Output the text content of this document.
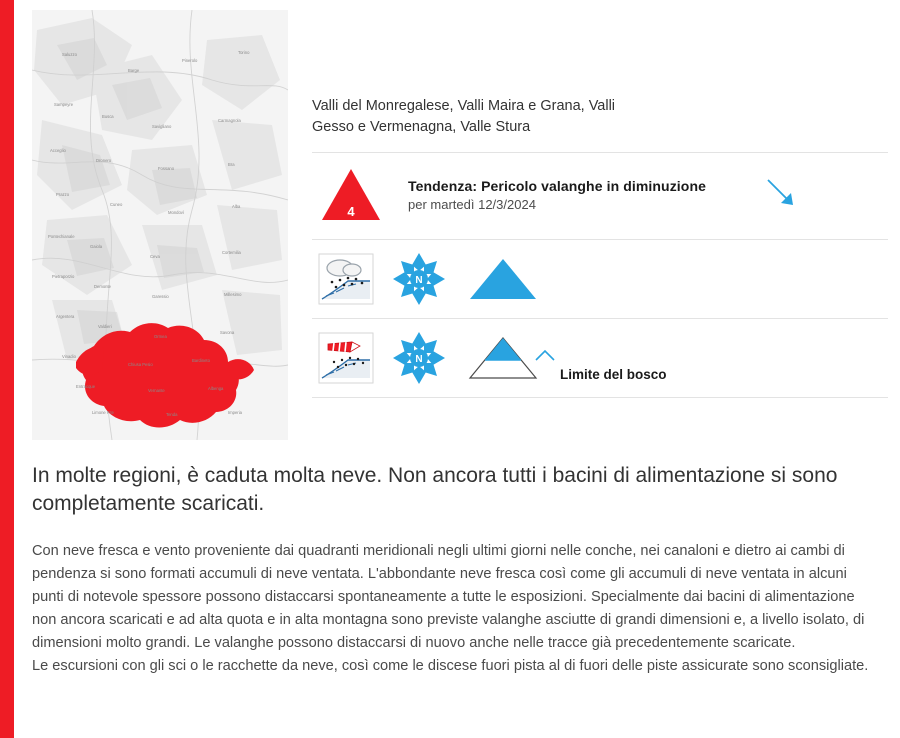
Saluzzo
Barge
Pinerolo
Torino
Sampeyre
Busca
Savigliano
Carmagnola
Acceglio
Dronero
Fossano
Bra
Prazzo
Cuneo
Mondovì
Alba
Pontechianale
Gaiola
Ceva
Cortemilia
Pietraporzio
Demonte
Garessio	Millesimo
Argentera
Valdieri
Ormea
Savona
Vinadio
Chiusa Pesio
Bardineto
Entracque
Vernante	Albenga
Limone P.te	Tenda	Imperia
Valli del Monregalese, Valli Maira e Grana, Valli Gesso e Vermenagna, Valle Stura
4
Tendenza: Pericolo valanghe in diminuzione
per martedì 12/3/2024
N
N
Limite del bosco
In molte regioni, è caduta molta neve. Non ancora tutti i bacini di alimentazione si sono completamente scaricati.

Con neve fresca e vento proveniente dai quadranti meridionali negli ultimi giorni nelle conche, nei canaloni e dietro ai cambi di pendenza si sono formati accumuli di neve ventata. L'abbondante neve fresca così come gli accumuli di neve ventata in alcuni punti di notevole spessore possono distaccarsi spontaneamente a tutte le esposizioni. Specialmente dai bacini di alimentazione non ancora scaricati e ad alta quota e in alta montagna sono previste valanghe asciutte di grandi dimensioni e, a livello isolato, di dimensioni molto grandi. Le valanghe possono distaccarsi di nuovo anche nelle tracce già precedentemente scaricate.

Le escursioni con gli sci o le racchette da neve, così come le discese fuori pista al di fuori delle piste assicurate sono sconsigliate.
